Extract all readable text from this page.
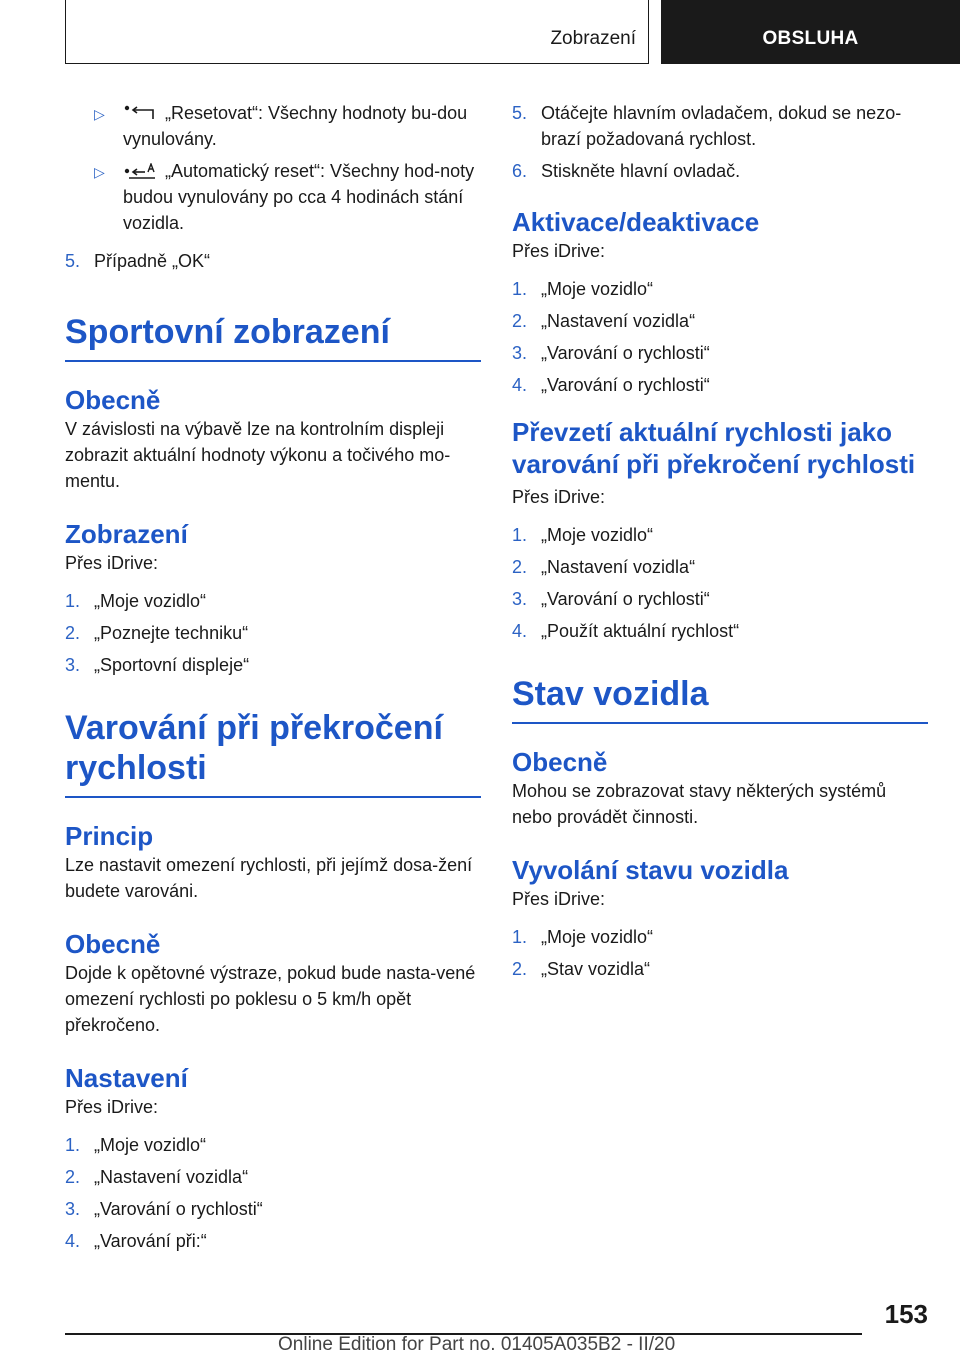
Zobrazení	OBSLUHA
▷	„Resetovat“: Všechny hodnoty bu-dou vynulovány.
▷	„Automatický reset“: Všechny hod-noty budou vynulovány po cca 4 hodinách stání vozidla.
5. Případně „OK“
Sportovní zobrazení
Obecně

V závislosti na výbavě lze na kontrolním displeji zobrazit aktuální hodnoty výkonu a točivého mo-mentu.

Zobrazení

Přes iDrive:

1. „Moje vozidlo“
2. „Poznejte techniku“
3. „Sportovní displeje“
Varování při překročení rychlosti
Princip

Lze nastavit omezení rychlosti, při jejímž dosa-žení budete varováni.

Obecně

Dojde k opětovné výstraze, pokud bude nasta-vené omezení rychlosti po poklesu o 5 km/h opět překročeno.

Nastavení

Přes iDrive:

1. „Moje vozidlo“
2. „Nastavení vozidla“
3. „Varování o rychlosti“
4. „Varování při:“
5. Otáčejte hlavním ovladačem, dokud se nezo-brazí požadovaná rychlost.
6. Stiskněte hlavní ovladač.
Aktivace/deaktivace

Přes iDrive:

1. „Moje vozidlo“
2. „Nastavení vozidla“
3. „Varování o rychlosti“
4. „Varování o rychlosti“
Převzetí aktuální rychlosti jako varování při překročení rychlosti

Přes iDrive:

1. „Moje vozidlo“
2. „Nastavení vozidla“
3. „Varování o rychlosti“
4. „Použít aktuální rychlost“
Stav vozidla
Obecně

Mohou se zobrazovat stavy některých systémů nebo provádět činnosti.

Vyvolání stavu vozidla

Přes iDrive:

1. „Moje vozidlo“
2. „Stav vozidla“
153
Online Edition for Part no. 01405A035B2 - II/20
